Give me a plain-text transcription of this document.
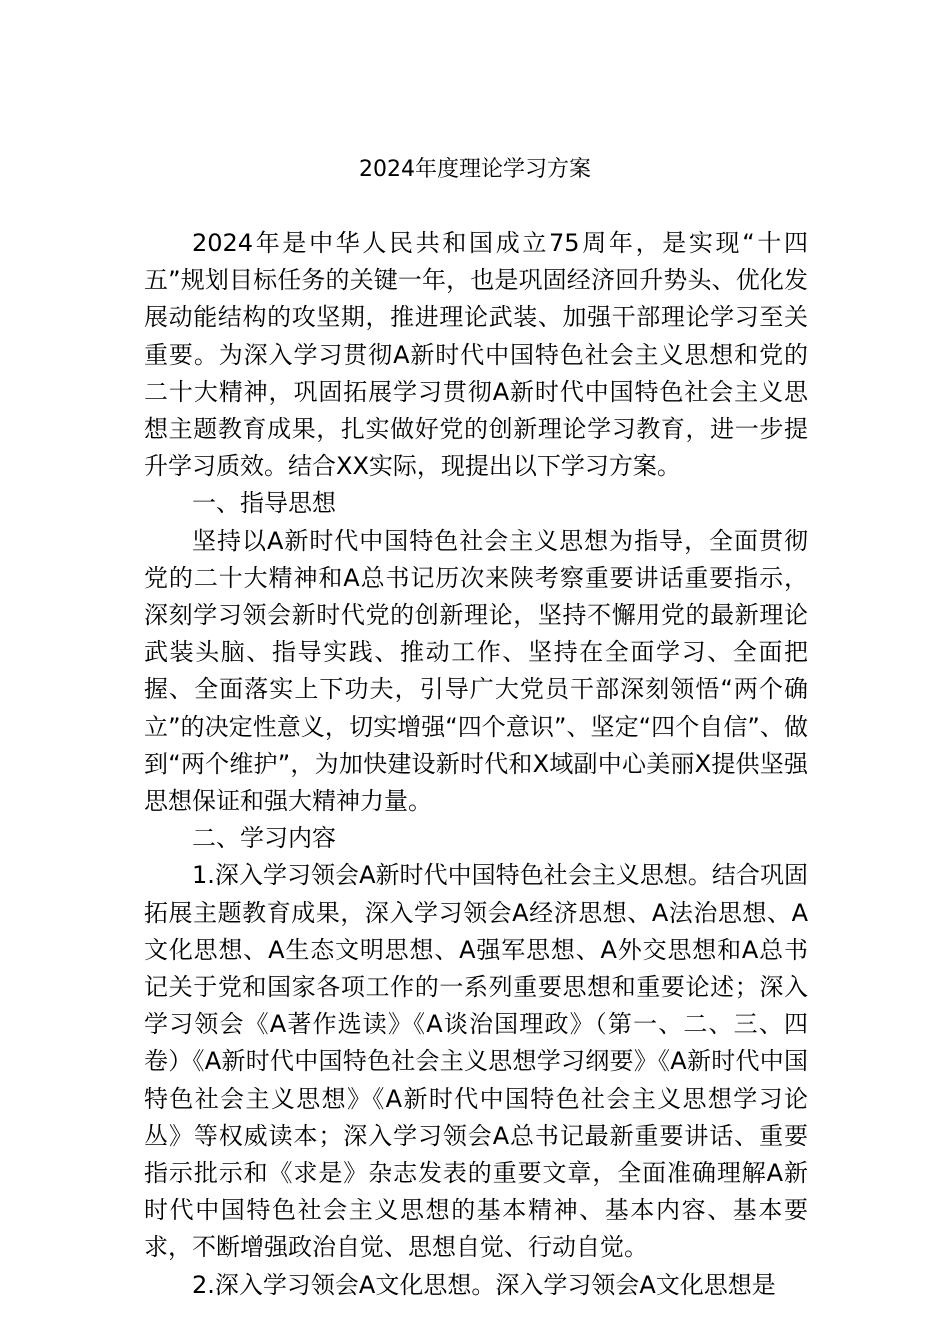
2024年度理论学习方案

2024年是中华人民共和国成立75周年，是实现“十四五”规划目标任务的关键一年，也是巩固经济回升势头、优化发展动能结构的攻坚期，推进理论武装、加强干部理论学习至关重要。为深入学习贯彻A新时代中国特色社会主义思想和党的二十大精神，巩固拓展学习贯彻A新时代中国特色社会主义思想主题教育成果，扎实做好党的创新理论学习教育，进一步提升学习质效。结合XX实际，现提出以下学习方案。

一、指导思想

坚持以A新时代中国特色社会主义思想为指导，全面贯彻党的二十大精神和A总书记历次来陕考察重要讲话重要指示，深刻学习领会新时代党的创新理论，坚持不懈用党的最新理论武装头脑、指导实践、推动工作、坚持在全面学习、全面把握、全面落实上下功夫，引导广大党员干部深刻领悟“两个确立”的决定性意义，切实增强“四个意识”、坚定“四个自信”、做到“两个维护”，为加快建设新时代和X域副中心美丽X提供坚强思想保证和强大精神力量。

二、学习内容

1.深入学习领会A新时代中国特色社会主义思想。结合巩固拓展主题教育成果，深入学习领会A经济思想、A法治思想、A文化思想、A生态文明思想、A强军思想、A外交思想和A总书记关于党和国家各项工作的一系列重要思想和重要论述；深入学习领会《A著作选读》《A谈治国理政》（第一、二、三、四卷）《A新时代中国特色社会主义思想学习纲要》《A新时代中国特色社会主义思想》《A新时代中国特色社会主义思想学习论丛》等权威读本；深入学习领会A总书记最新重要讲话、重要指示批示和《求是》杂志发表的重要文章，全面准确理解A新时代中国特色社会主义思想的基本精神、基本内容、基本要求，不断增强政治自觉、思想自觉、行动自觉。

2.深入学习领会A文化思想。深入学习领会A文化思想是
